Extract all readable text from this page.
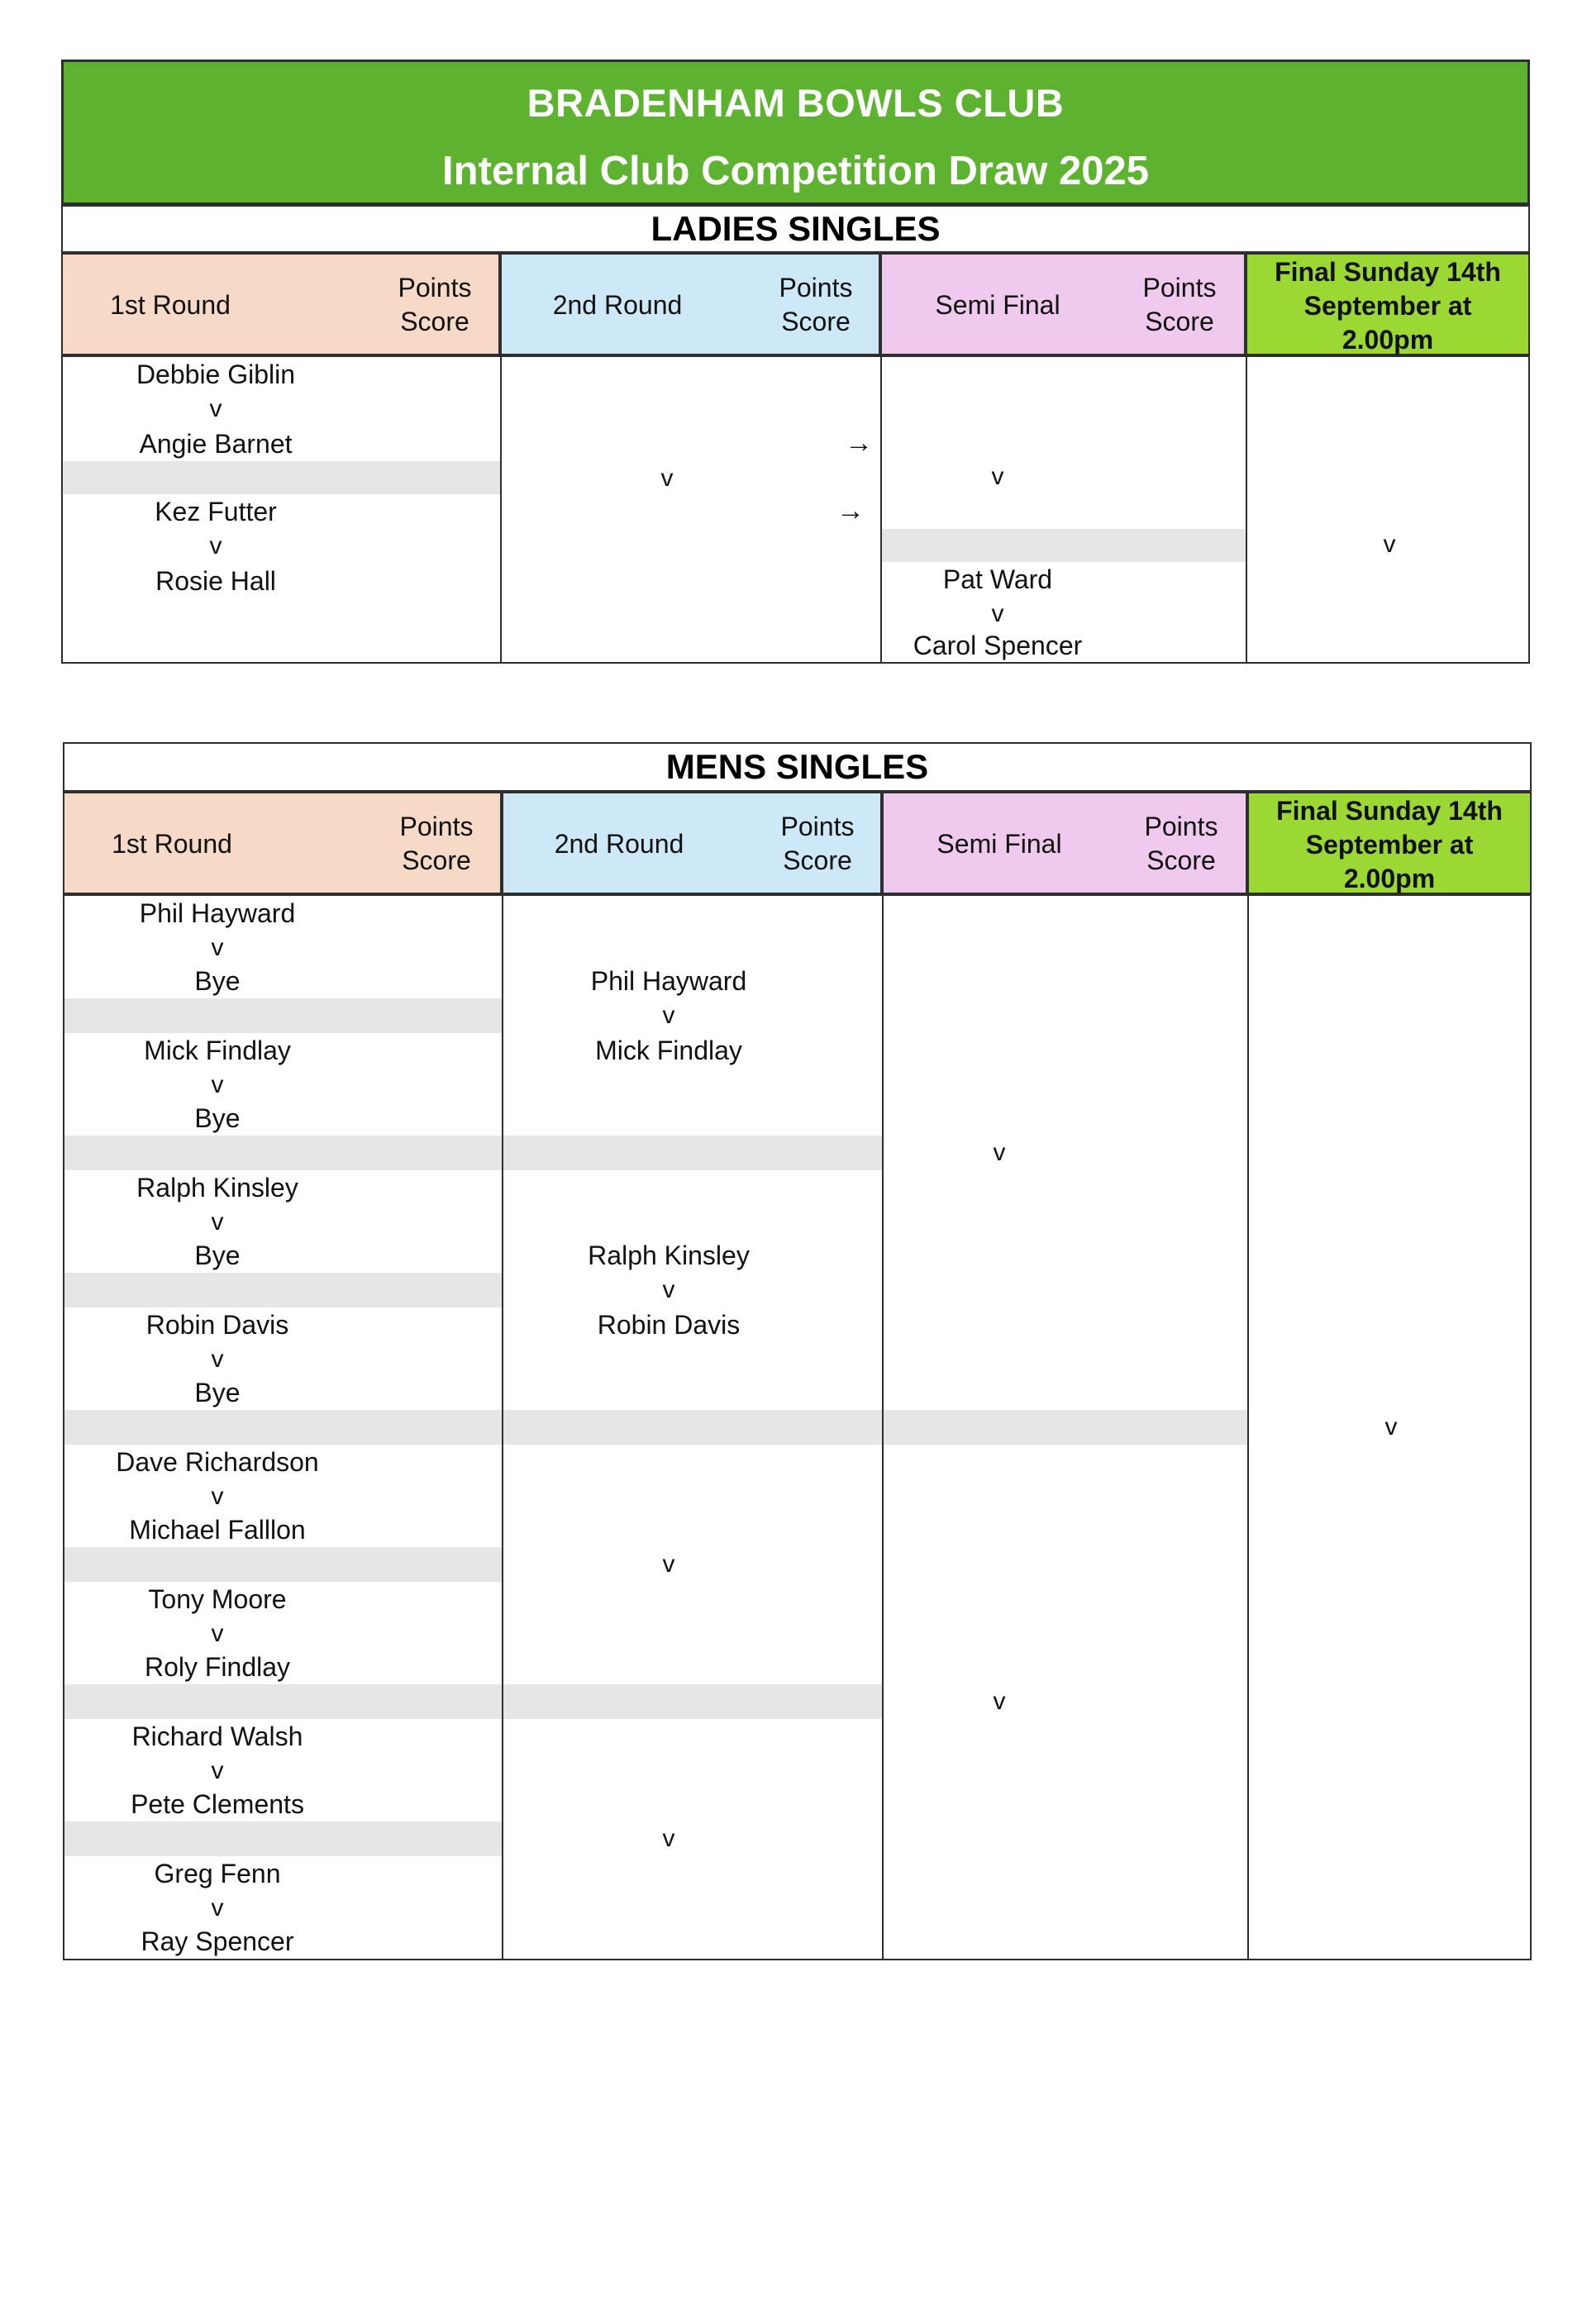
BRADENHAM BOWLS CLUB
Internal Club Competition Draw 2025
LADIES SINGLES
1st Round
Points
Score
2nd Round
Points
Score
Semi Final
Points
Score
Final Sunday 14th
September at
2.00pm
Debbie Giblin
v
Angie Barnet
Kez Futter
v
Rosie Hall
v
→
→
v
Pat Ward
v
Carol Spencer
v
MENS SINGLES
1st Round
Points
Score
2nd Round
Points
Score
Semi Final
Points
Score
Final Sunday 14th
September at
2.00pm
Phil Hayward
v
Bye
Mick Findlay
v
Bye
Ralph Kinsley
v
Bye
Robin Davis
v
Bye
Dave Richardson
v
Michael Falllon
Tony Moore
v
Roly Findlay
Richard Walsh
v
Pete Clements
Greg Fenn
v
Ray Spencer
Phil Hayward
v
Mick Findlay
Ralph Kinsley
v
Robin Davis
v
v
v
v
v
